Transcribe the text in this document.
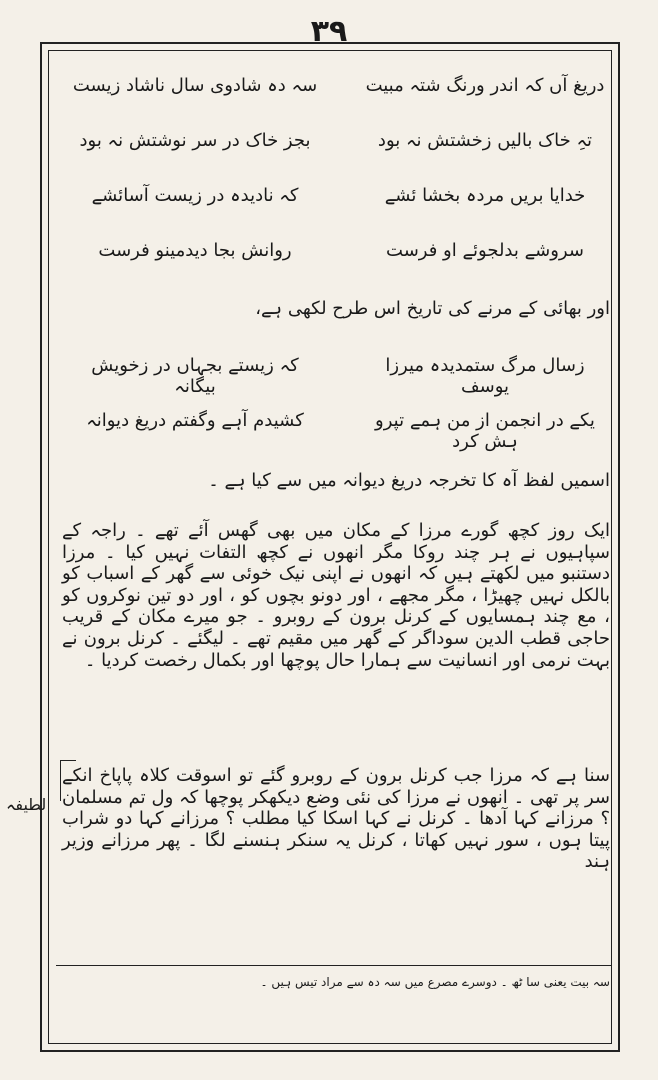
۳۹
دریغ آں کہ اندر ورنگ شتہ مبیت
سہ دہ شادوی سال ناشاد زیست
تہِ خاک بالیں زخشتش نہ بود
بجز خاک در سر نوشتش نہ بود
خدایا بریں مردہ بخشا ئشے
کہ نادیدہ در زیست آسائشے
سروشے بدلجوئے او فرست
روانش بجا دیدمینو فرست
اور بھائی کے مرنے کی تاریخ اس طرح لکھی ہے،
زسال مرگ ستمدیدہ میرزا یوسف
کہ زیستے بجہاں در زخویش بیگانہ
یکے در انجمن از من ہمے تپرو ہش کرد
کشیدم آہے وگفتم دریغ دیوانہ
اسمیں لفظ آہ کا تخرجہ دریغ دیوانہ میں سے کیا ہے ۔
ایک روز کچھ گورے مرزا کے مکان میں بھی گھس آئے تھے ۔ راجہ کے سپاہیوں نے ہر چند روکا مگر انھوں نے کچھ التفات نہیں کیا ۔ مرزا دستنبو میں لکھتے ہیں کہ انھوں نے اپنی نیک خوئی سے گھر کے اسباب کو بالکل نہیں چھیڑا ، مگر مجھے ، اور دونو بچوں کو ، اور دو تین نوکروں کو ، مع چند ہمسایوں کے کرنل برون کے روبرو ۔ جو میرے مکان کے قریب حاجی قطب الدین سوداگر کے گھر میں مقیم تھے ۔ لیگئے ۔ کرنل برون نے بہت نرمی اور انسانیت سے ہمارا حال پوچھا اور بکمال رخصت کردیا ۔
سنا ہے کہ مرزا جب کرنل برون کے روبرو گئے تو اسوقت کلاہ پاپاخ انکے سر پر تھی ۔ انھوں نے مرزا کی نئی وضع دیکھکر پوچھا کہ ول تم مسلمان ؟ مرزانے کہا آدھا ۔ کرنل نے کہا اسکا کیا مطلب ؟ مرزانے کہا دو شراب پیتا ہوں ، سور نہیں کھاتا ، کرنل یہ سنکر ہنسنے لگا ۔ پھر مرزانے وزیر ہند
لطیفہ
سہ بیت یعنی سا ٹھ ۔ دوسرے مصرع میں سہ دہ سے مراد تیس ہیں ۔
